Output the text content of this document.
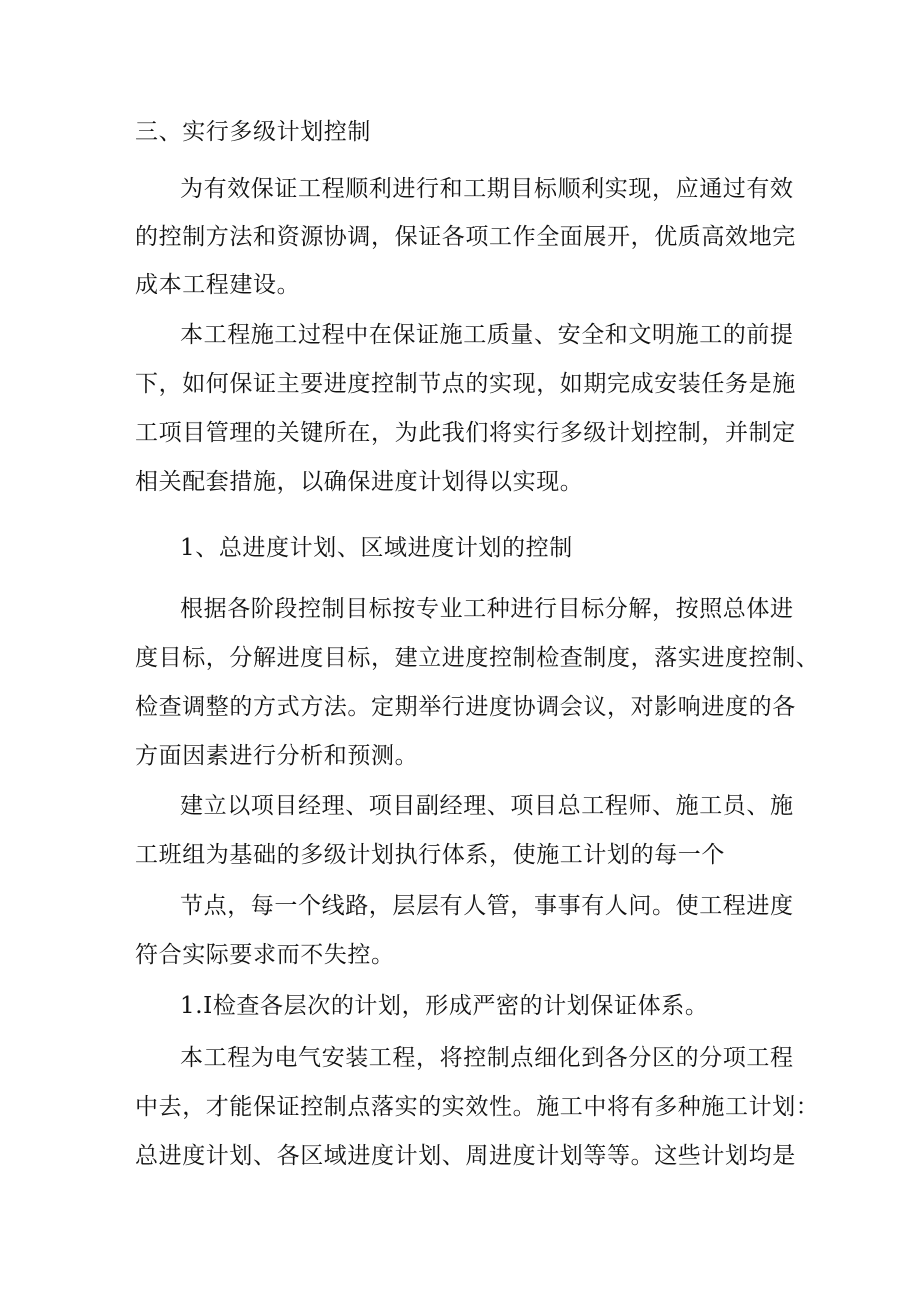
三、实行多级计划控制
为有效保证工程顺利进行和工期目标顺利实现，应通过有效
的控制方法和资源协调，保证各项工作全面展开，优质高效地完
成本工程建设。
本工程施工过程中在保证施工质量、安全和文明施工的前提
下，如何保证主要进度控制节点的实现，如期完成安装任务是施
工项目管理的关键所在，为此我们将实行多级计划控制，并制定
相关配套措施，以确保进度计划得以实现。
1、总进度计划、区域进度计划的控制
根据各阶段控制目标按专业工种进行目标分解，按照总体进
度目标，分解进度目标，建立进度控制检查制度，落实进度控制、
检查调整的方式方法。定期举行进度协调会议，对影响进度的各
方面因素进行分析和预测。
建立以项目经理、项目副经理、项目总工程师、施工员、施
工班组为基础的多级计划执行体系，使施工计划的每一个
节点，每一个线路，层层有人管，事事有人问。使工程进度
符合实际要求而不失控。
1.I检查各层次的计划，形成严密的计划保证体系。
本工程为电气安装工程，将控制点细化到各分区的分项工程
中去，才能保证控制点落实的实效性。施工中将有多种施工计划：
总进度计划、各区域进度计划、周进度计划等等。这些计划均是
